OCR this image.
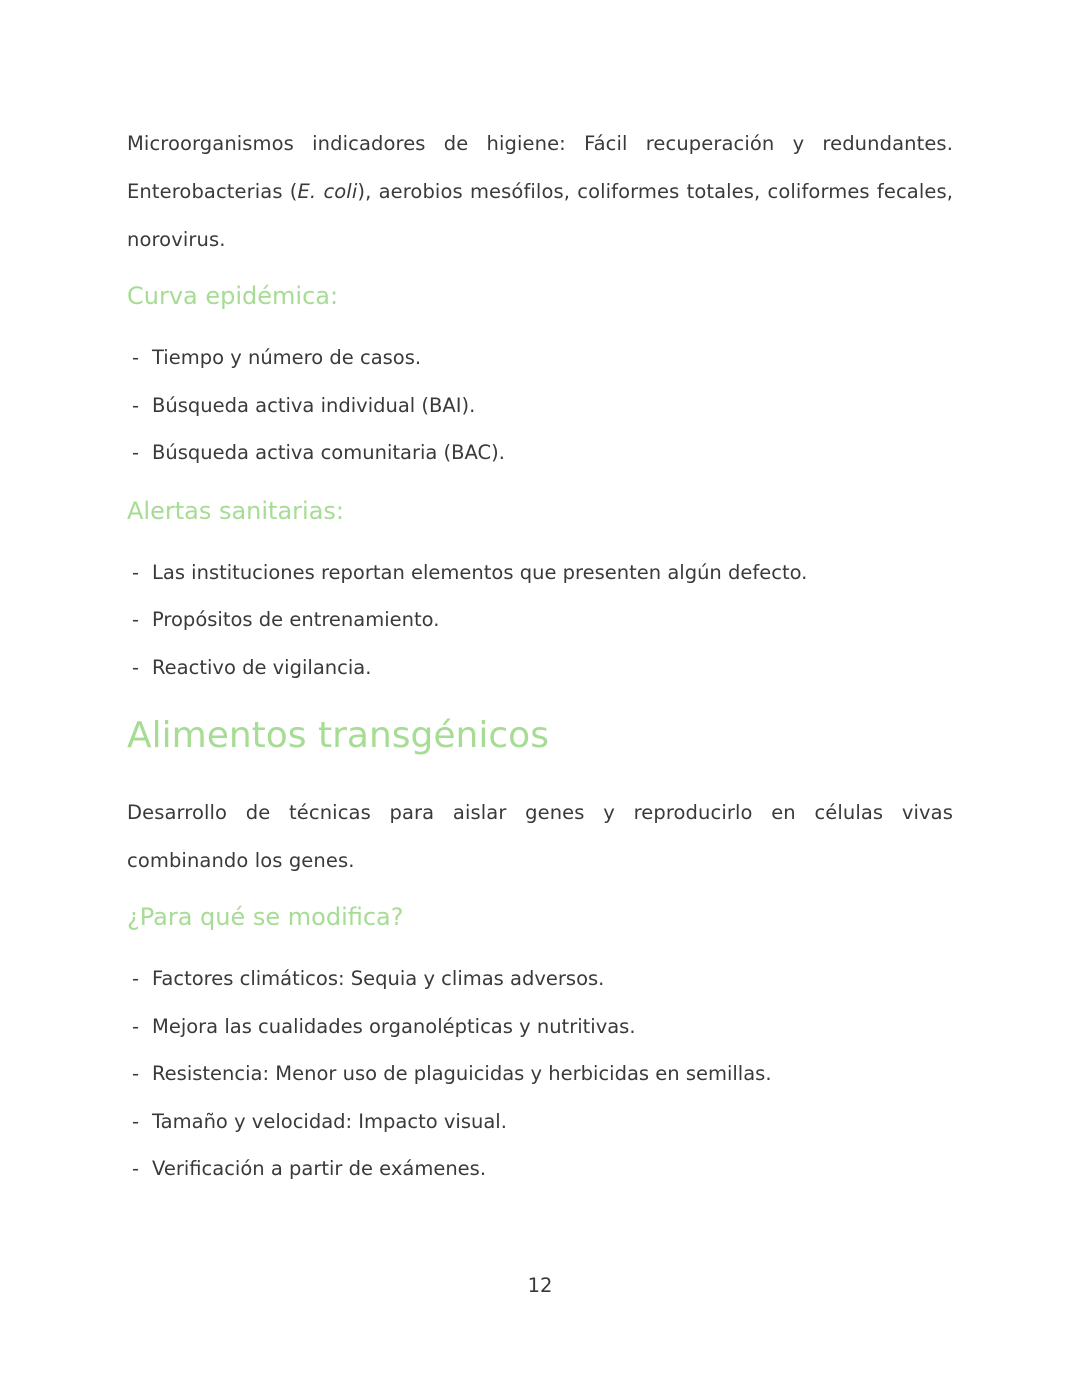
Microorganismos indicadores de higiene: Fácil recuperación y redundantes. Enterobacterias (E. coli), aerobios mesófilos, coliformes totales, coliformes fecales, norovirus.

Curva epidémica:
- Tiempo y número de casos.
- Búsqueda activa individual (BAI).
- Búsqueda activa comunitaria (BAC).
Alertas sanitarias:
- Las instituciones reportan elementos que presenten algún defecto.
- Propósitos de entrenamiento.
- Reactivo de vigilancia.
Alimentos transgénicos

Desarrollo de técnicas para aislar genes y reproducirlo en células vivas combinando los genes.

¿Para qué se modifica?
- Factores climáticos: Sequia y climas adversos.
- Mejora las cualidades organolépticas y nutritivas.
- Resistencia: Menor uso de plaguicidas y herbicidas en semillas.
- Tamaño y velocidad: Impacto visual.
- Verificación a partir de exámenes.
12
